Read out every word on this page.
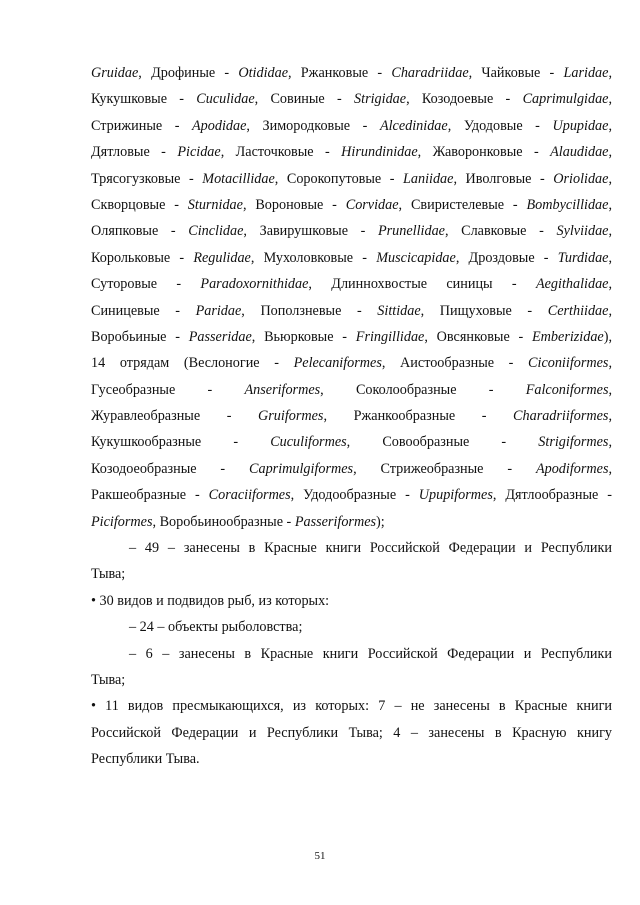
Gruidae, Дрофиные - Otididae, Ржанковые - Charadriidae, Чайковые - Laridae,
Кукушковые - Cuculidae, Совиные - Strigidae, Козодоевые - Caprimulgidae,
Стрижиные - Apodidae, Зимородковые - Alcedinidae, Удодовые - Upupidae,
Дятловые - Picidae, Ласточковые - Hirundinidae, Жаворонковые - Alaudidae,
Трясогузковые - Motacillidae, Сорокопутовые - Laniidae, Иволговые - Oriolidae,
Скворцовые - Sturnidae, Вороновые - Corvidae, Свиристелевые - Bombycillidae,
Оляпковые - Cinclidae, Завирушковые - Prunellidae, Славковые - Sylviidae,
Корольковые - Regulidae, Мухоловковые - Muscicapidae, Дроздовые - Turdidae,
Суторовые - Paradoxornithidae, Длиннохвостые синицы - Aegithalidae,
Синицевые - Paridae, Поползневые - Sittidae, Пищуховые - Certhiidae,
Воробьиные - Passeridae, Вьюрковые - Fringillidae, Овсянковые - Emberizidae),
14 отрядам (Веслоногие - Pelecaniformes, Аистообразные - Ciconiiformes,
Гусеобразные - Anseriformes, Соколообразные - Falconiformes,
Журавлеобразные - Gruiformes, Ржанкообразные - Charadriiformes,
Кукушкообразные - Cuculiformes, Совообразные - Strigiformes,
Козодоеобразные - Caprimulgiformes, Стрижеобразные - Apodiformes,
Ракшеобразные - Coraciiformes, Удодообразные - Upupiformes, Дятлообразные -
Piciformes, Воробьинообразные - Passeriformes);
– 49 – занесены в Красные книги Российской Федерации и Республики
Тыва;
• 30 видов и подвидов рыб, из которых:
– 24 – объекты рыболовства;
– 6 – занесены в Красные книги Российской Федерации и Республики
Тыва;
• 11 видов пресмыкающихся, из которых: 7 – не занесены в Красные книги
Российской Федерации и Республики Тыва; 4 – занесены в Красную книгу
Республики Тыва.
51
